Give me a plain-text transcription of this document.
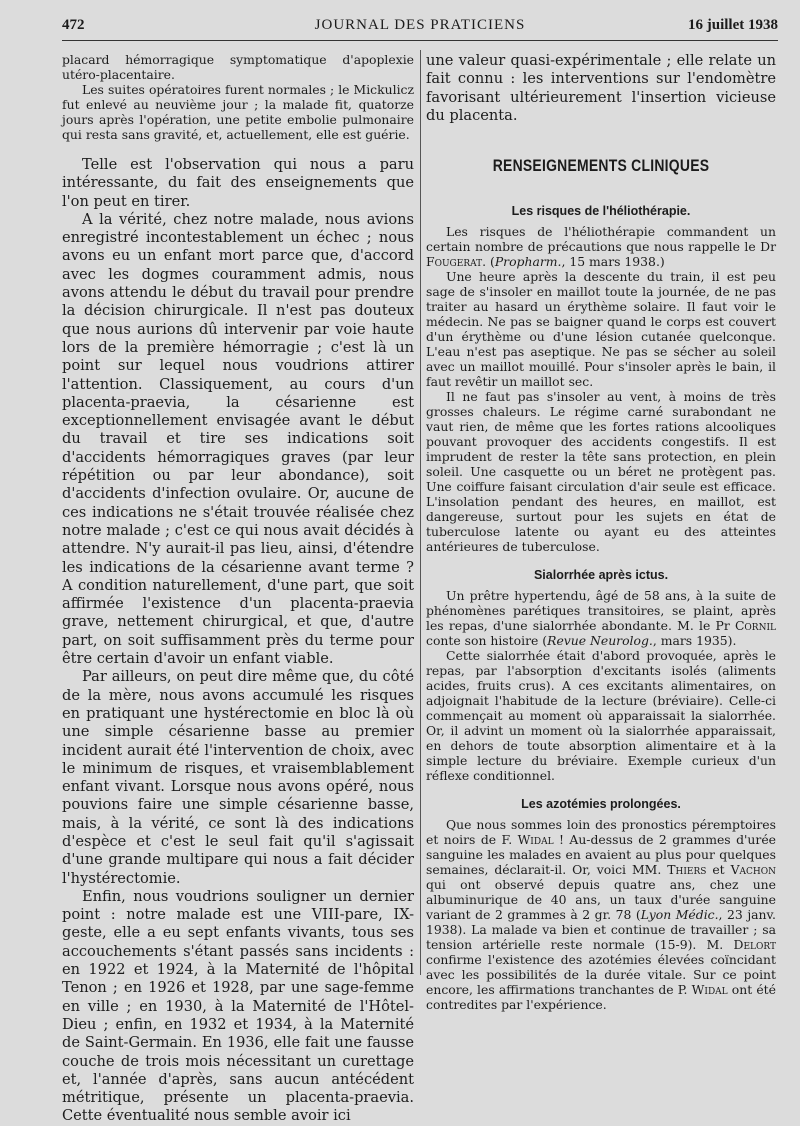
472	JOURNAL DES PRATICIENS	16 juillet 1938

placard hémorragique symptomatique d'apoplexie utéro-placentaire.

Les suites opératoires furent normales ; le Mickulicz fut enlevé au neuvième jour ; la malade fit, quatorze jours après l'opération, une petite embolie pulmonaire qui resta sans gravité, et, actuellement, elle est guérie.

Telle est l'observation qui nous a paru intéressante, du fait des enseignements que l'on peut en tirer.

A la vérité, chez notre malade, nous avions enregistré incontestablement un échec ; nous avons eu un enfant mort parce que, d'accord avec les dogmes couramment admis, nous avons attendu le début du travail pour prendre la décision chirurgicale. Il n'est pas douteux que nous aurions dû intervenir par voie haute lors de la première hémorragie ; c'est là un point sur lequel nous voudrions attirer l'attention. Classiquement, au cours d'un placenta-praevia, la césarienne est exceptionnellement envisagée avant le début du travail et tire ses indications soit d'accidents hémorragiques graves (par leur répétition ou par leur abondance), soit d'accidents d'infection ovulaire. Or, aucune de ces indications ne s'était trouvée réalisée chez notre malade ; c'est ce qui nous avait décidés à attendre. N'y aurait-il pas lieu, ainsi, d'étendre les indications de la césarienne avant terme ? A condition naturellement, d'une part, que soit affirmée l'existence d'un placenta-praevia grave, nettement chirurgical, et que, d'autre part, on soit suffisamment près du terme pour être certain d'avoir un enfant viable.

Par ailleurs, on peut dire même que, du côté de la mère, nous avons accumulé les risques en pratiquant une hystérectomie en bloc là où une simple césarienne basse au premier incident aurait été l'intervention de choix, avec le minimum de risques, et vraisemblablement enfant vivant. Lorsque nous avons opéré, nous pouvions faire une simple césarienne basse, mais, à la vérité, ce sont là des indications d'espèce et c'est le seul fait qu'il s'agissait d'une grande multipare qui nous a fait décider l'hystérectomie.

Enfin, nous voudrions souligner un dernier point : notre malade est une VIII-pare, IX-geste, elle a eu sept enfants vivants, tous ses accouchements s'étant passés sans incidents : en 1922 et 1924, à la Maternité de l'hôpital Tenon ; en 1926 et 1928, par une sage-femme en ville ; en 1930, à la Maternité de l'Hôtel-Dieu ; enfin, en 1932 et 1934, à la Maternité de Saint-Germain. En 1936, elle fait une fausse couche de trois mois nécessitant un curettage et, l'année d'après, sans aucun antécédent métritique, présente un placenta-praevia. Cette éventualité nous semble avoir ici

une valeur quasi-expérimentale ; elle relate un fait connu : les interventions sur l'endomètre favorisant ultérieurement l'insertion vicieuse du placenta.

RENSEIGNEMENTS CLINIQUES
Les risques de l'héliothérapie.

Les risques de l'héliothérapie commandent un certain nombre de précautions que nous rappelle le Dr Fougerat. (Propharm., 15 mars 1938.)

Une heure après la descente du train, il est peu sage de s'insoler en maillot toute la journée, de ne pas traiter au hasard un érythème solaire. Il faut voir le médecin. Ne pas se baigner quand le corps est couvert d'un érythème ou d'une lésion cutanée quelconque. L'eau n'est pas aseptique. Ne pas se sécher au soleil avec un maillot mouillé. Pour s'insoler après le bain, il faut revêtir un maillot sec.

Il ne faut pas s'insoler au vent, à moins de très grosses chaleurs. Le régime carné surabondant ne vaut rien, de même que les fortes rations alcooliques pouvant provoquer des accidents congestifs. Il est imprudent de rester la tête sans protection, en plein soleil. Une casquette ou un béret ne protègent pas. Une coiffure faisant circulation d'air seule est efficace. L'insolation pendant des heures, en maillot, est dangereuse, surtout pour les sujets en état de tuberculose latente ou ayant eu des atteintes antérieures de tuberculose.

Sialorrhée après ictus.

Un prêtre hypertendu, âgé de 58 ans, à la suite de phénomènes parétiques transitoires, se plaint, après les repas, d'une sialorrhée abondante. M. le Pr Cornil conte son histoire (Revue Neurolog., mars 1935).

Cette sialorrhée était d'abord provoquée, après le repas, par l'absorption d'excitants isolés (aliments acides, fruits crus). A ces excitants alimentaires, on adjoignait l'habitude de la lecture (bréviaire). Celle-ci commençait au moment où apparaissait la sialorrhée. Or, il advint un moment où la sialorrhée apparaissait, en dehors de toute absorption alimentaire et à la simple lecture du bréviaire. Exemple curieux d'un réflexe conditionnel.

Les azotémies prolongées.

Que nous sommes loin des pronostics péremptoires et noirs de F. Widal ! Au-dessus de 2 grammes d'urée sanguine les malades en avaient au plus pour quelques semaines, déclarait-il. Or, voici MM. Thiers et Vachon qui ont observé depuis quatre ans, chez une albuminurique de 40 ans, un taux d'urée sanguine variant de 2 grammes à 2 gr. 78 (Lyon Médic., 23 janv. 1938). La malade va bien et continue de travailler ; sa tension artérielle reste normale (15-9). M. Delort confirme l'existence des azotémies élevées coïncidant avec les possibilités de la durée vitale. Sur ce point encore, les affirmations tranchantes de P. Widal ont été contredites par l'expérience.
